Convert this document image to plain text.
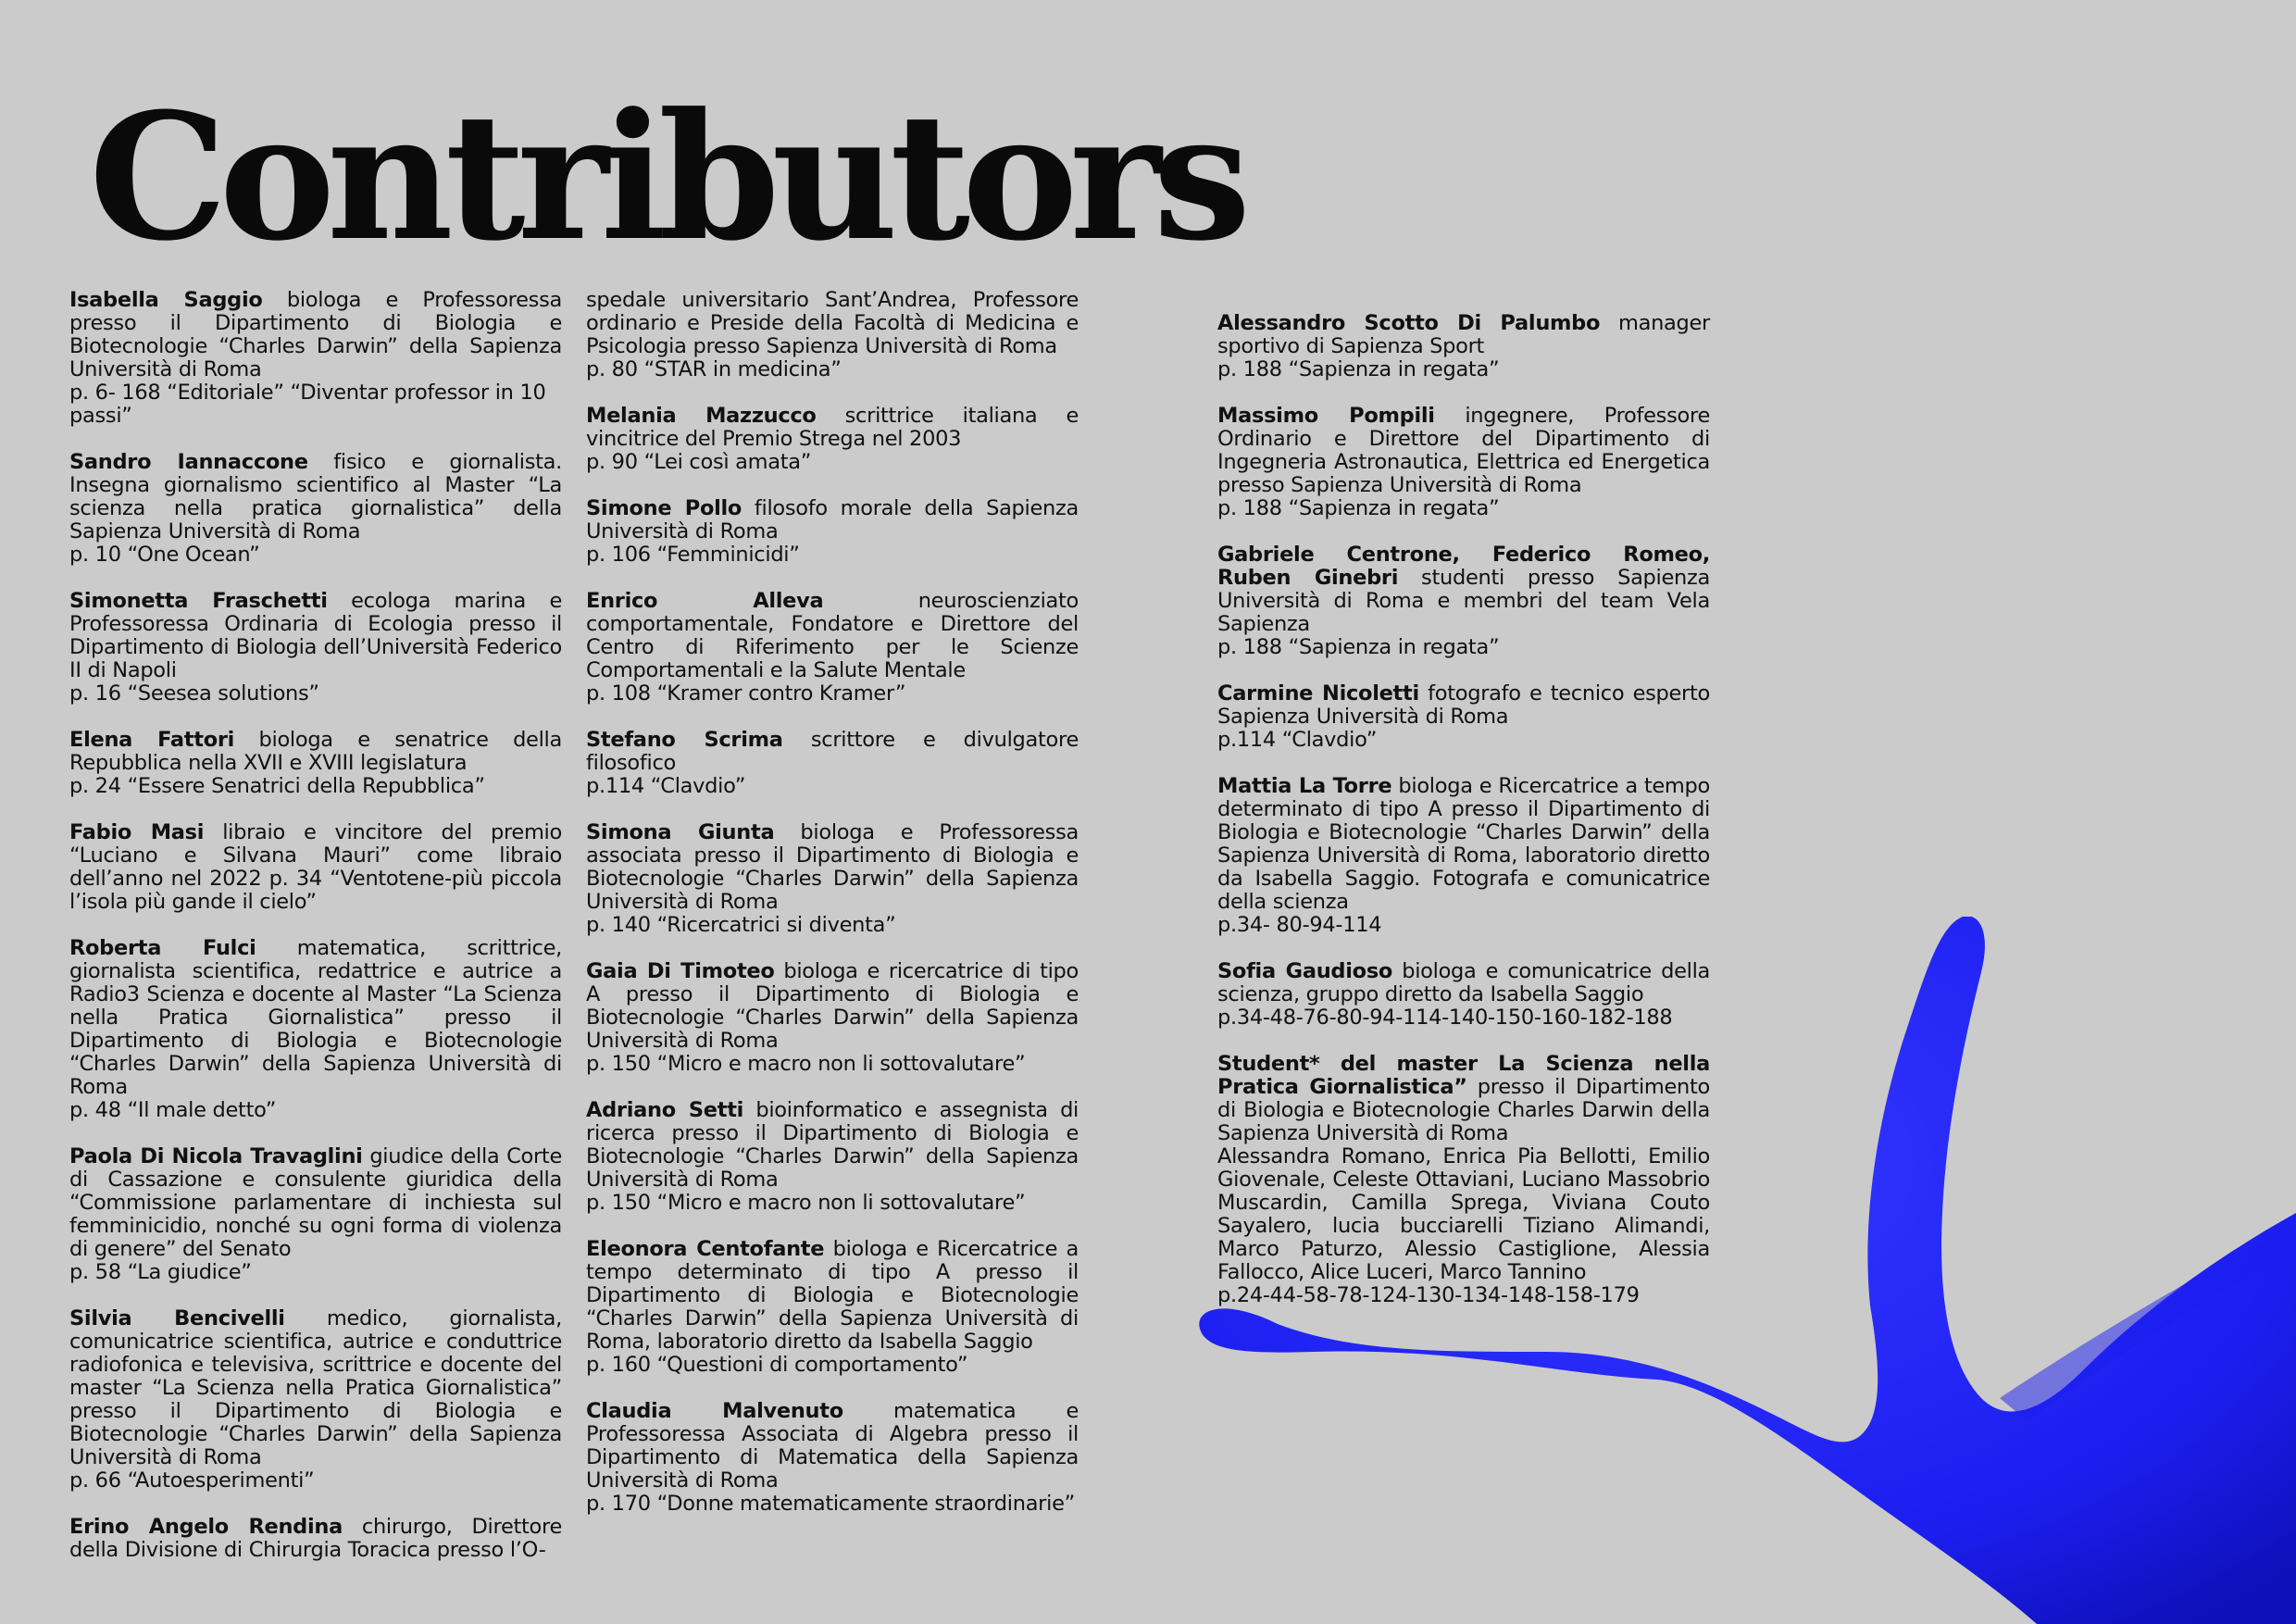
Contributors

Isabella Saggio biologa e Professoressa presso il Dipartimento di Biologia e Biotecnologie “Charles Darwin” della Sapienza Università di Roma
p. 6- 168 “Editoriale” “Diventar professor in 10 passi”

Sandro Iannaccone fisico e giornalista. Insegna giornalismo scientifico al Master “La scienza nella pratica giornalistica” della Sapienza Università di Roma
p. 10 “One Ocean”

Simonetta Fraschetti ecologa marina e Professoressa Ordinaria di Ecologia presso il Dipartimento di Biologia dell’Università Federico II di Napoli
p. 16 “Seesea solutions”

Elena Fattori biologa e senatrice della Repubblica nella XVII e XVIII legislatura
p. 24 “Essere Senatrici della Repubblica”

Fabio Masi libraio e vincitore del premio “Luciano e Silvana Mauri” come libraio dell’anno nel 2022 p. 34 “Ventotene-più piccola l’isola più gande il cielo”

Roberta Fulci matematica, scrittrice, giornalista scientifica, redattrice e autrice a Radio3 Scienza e docente al Master “La Scienza nella Pratica Giornalistica” presso il Dipartimento di Biologia e Biotecnologie “Charles Darwin” della Sapienza Università di Roma
p. 48 “Il male detto”

Paola Di Nicola Travaglini giudice della Corte di Cassazione e consulente giuridica della “Commissione parlamentare di inchiesta sul femminicidio, nonché su ogni forma di violenza di genere” del Senato
p. 58 “La giudice”

Silvia Bencivelli medico, giornalista, comunicatrice scientifica, autrice e conduttrice radiofonica e televisiva, scrittrice e docente del master “La Scienza nella Pratica Giornalistica” presso il Dipartimento di Biologia e Biotecnologie “Charles Darwin” della Sapienza Università di Roma
p. 66 “Autoesperimenti”

Erino Angelo Rendina chirurgo, Direttore della Divisione di Chirurgia Toracica presso l’O-

spedale universitario Sant’Andrea, Professore ordinario e Preside della Facoltà di Medicina e Psicologia presso Sapienza Università di Roma
p. 80 “STAR in medicina”

Melania Mazzucco scrittrice italiana e vincitrice del Premio Strega nel 2003
p. 90 “Lei così amata”

Simone Pollo filosofo morale della Sapienza Università di Roma
p. 106 “Femminicidi”

Enrico Alleva neuroscienziato comportamentale, Fondatore e Direttore del Centro di Riferimento per le Scienze Comportamentali e la Salute Mentale
p. 108 “Kramer contro Kramer”

Stefano Scrima scrittore e divulgatore filosofico
p.114 “Clavdio”

Simona Giunta biologa e Professoressa associata presso il Dipartimento di Biologia e Biotecnologie “Charles Darwin” della Sapienza Università di Roma
p. 140 “Ricercatrici si diventa”

Gaia Di Timoteo biologa e ricercatrice di tipo A presso il Dipartimento di Biologia e Biotecnologie “Charles Darwin” della Sapienza Università di Roma
p. 150 “Micro e macro non li sottovalutare”

Adriano Setti bioinformatico e assegnista di ricerca presso il Dipartimento di Biologia e Biotecnologie “Charles Darwin” della Sapienza Università di Roma
p. 150 “Micro e macro non li sottovalutare”

Eleonora Centofante biologa e Ricercatrice a tempo determinato di tipo A presso il Dipartimento di Biologia e Biotecnologie “Charles Darwin” della Sapienza Università di Roma, laboratorio diretto da Isabella Saggio
p. 160 “Questioni di comportamento”

Claudia Malvenuto matematica e Professoressa Associata di Algebra presso il Dipartimento di Matematica della Sapienza Università di Roma
p. 170 “Donne matematicamente straordinarie”

Alessandro Scotto Di Palumbo manager sportivo di Sapienza Sport
p. 188 “Sapienza in regata”

Massimo Pompili ingegnere, Professore Ordinario e Direttore del Dipartimento di Ingegneria Astronautica, Elettrica ed Energetica presso Sapienza Università di Roma
p. 188 “Sapienza in regata”

Gabriele Centrone, Federico Romeo, Ruben Ginebri studenti presso Sapienza Università di Roma e membri del team Vela Sapienza
p. 188 “Sapienza in regata”

Carmine Nicoletti fotografo e tecnico esperto Sapienza Università di Roma
p.114 “Clavdio”

Mattia La Torre biologa e Ricercatrice a tempo determinato di tipo A presso il Dipartimento di Biologia e Biotecnologie “Charles Darwin” della Sapienza Università di Roma, laboratorio diretto da Isabella Saggio. Fotografa e comunicatrice della scienza
p.34- 80-94-114

Sofia Gaudioso biologa e comunicatrice della scienza, gruppo diretto da Isabella Saggio
p.34-48-76-80-94-114-140-150-160-182-188

Student* del master La Scienza nella Pratica Giornalistica” presso il Dipartimento di Biologia e Biotecnologie Charles Darwin della Sapienza Università di Roma
Alessandra Romano, Enrica Pia Bellotti, Emilio Giovenale, Celeste Ottaviani, Luciano Massobrio Muscardin, Camilla Sprega, Viviana Couto Sayalero, lucia bucciarelli Tiziano Alimandi, Marco Paturzo, Alessio Castiglione, Alessia Fallocco, Alice Luceri, Marco Tannino
p.24-44-58-78-124-130-134-148-158-179
